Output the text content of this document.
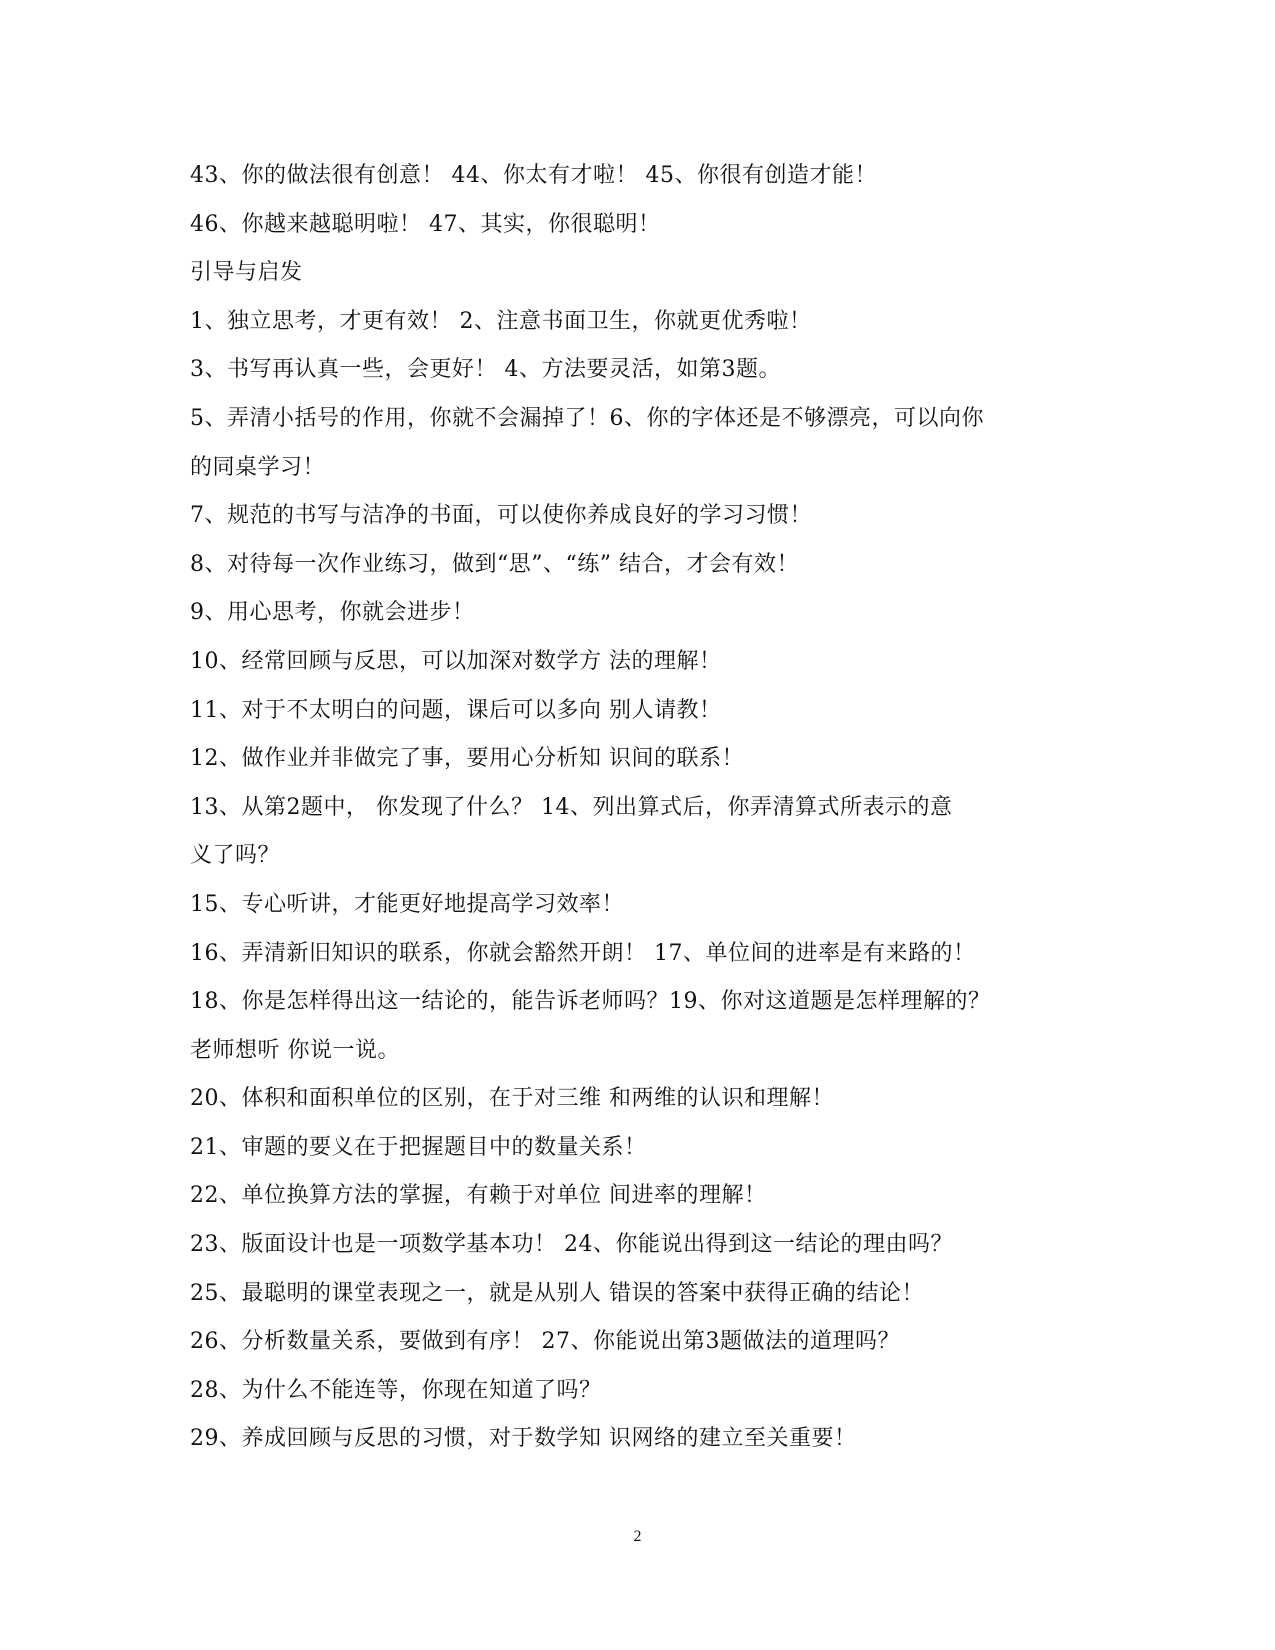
43、你的做法很有创意！ 44、你太有才啦！ 45、你很有创造才能！
46、你越来越聪明啦！ 47、其实，你很聪明！
引导与启发
1、独立思考，才更有效！ 2、注意书面卫生，你就更优秀啦！
3、书写再认真一些，会更好！ 4、方法要灵活，如第3题。
5、弄清小括号的作用，你就不会漏掉了！6、你的字体还是不够漂亮，可以向你
的同桌学习！
7、规范的书写与洁净的书面，可以使你养成良好的学习习惯！
8、对待每一次作业练习，做到“思”、“练” 结合，才会有效！
9、用心思考，你就会进步！
10、经常回顾与反思，可以加深对数学方 法的理解！
11、对于不太明白的问题，课后可以多向 别人请教！
12、做作业并非做完了事，要用心分析知 识间的联系！
13、从第2题中， 你发现了什么？ 14、列出算式后，你弄清算式所表示的意
义了吗？
15、专心听讲，才能更好地提高学习效率！
16、弄清新旧知识的联系，你就会豁然开朗！ 17、单位间的进率是有来路的！
18、你是怎样得出这一结论的，能告诉老师吗？19、你对这道题是怎样理解的？
老师想听 你说一说。
20、体积和面积单位的区别，在于对三维 和两维的认识和理解！
21、审题的要义在于把握题目中的数量关系！
22、单位换算方法的掌握，有赖于对单位 间进率的理解！
23、版面设计也是一项数学基本功！ 24、你能说出得到这一结论的理由吗？
25、最聪明的课堂表现之一，就是从别人 错误的答案中获得正确的结论！
26、分析数量关系，要做到有序！ 27、你能说出第3题做法的道理吗？
28、为什么不能连等，你现在知道了吗？
29、养成回顾与反思的习惯，对于数学知 识网络的建立至关重要！
2
